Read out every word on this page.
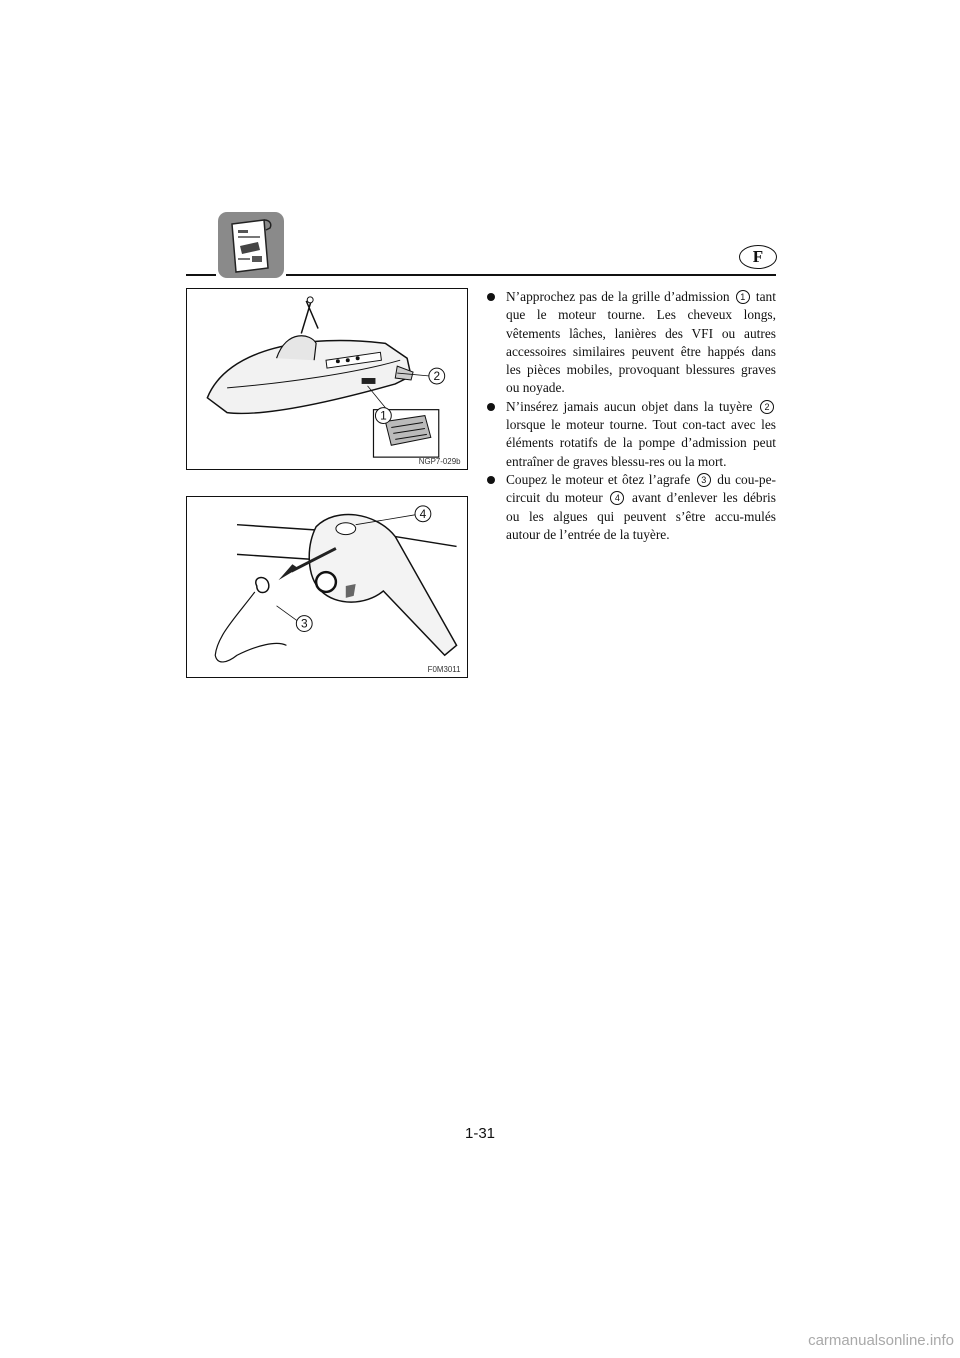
F
2
1
NGP7-029b
3
4
F0M3011
N’approchez pas de la grille d’admission 1 tant que le moteur tourne. Les cheveux longs, vêtements lâches, lanières des VFI ou autres accessoires similaires peuvent être happés dans les pièces mobiles, provoquant blessures graves ou noyade.
N’insérez jamais aucun objet dans la tuyère 2 lorsque le moteur tourne. Tout con-tact avec les éléments rotatifs de la pompe d’admission peut entraîner de graves blessu-res ou la mort.
Coupez le moteur et ôtez l’agrafe 3 du cou-pe-circuit du moteur 4 avant d’enlever les débris ou les algues qui peuvent s’être accu-mulés autour de l’entrée de la tuyère.
1-31
carmanualsonline.info
